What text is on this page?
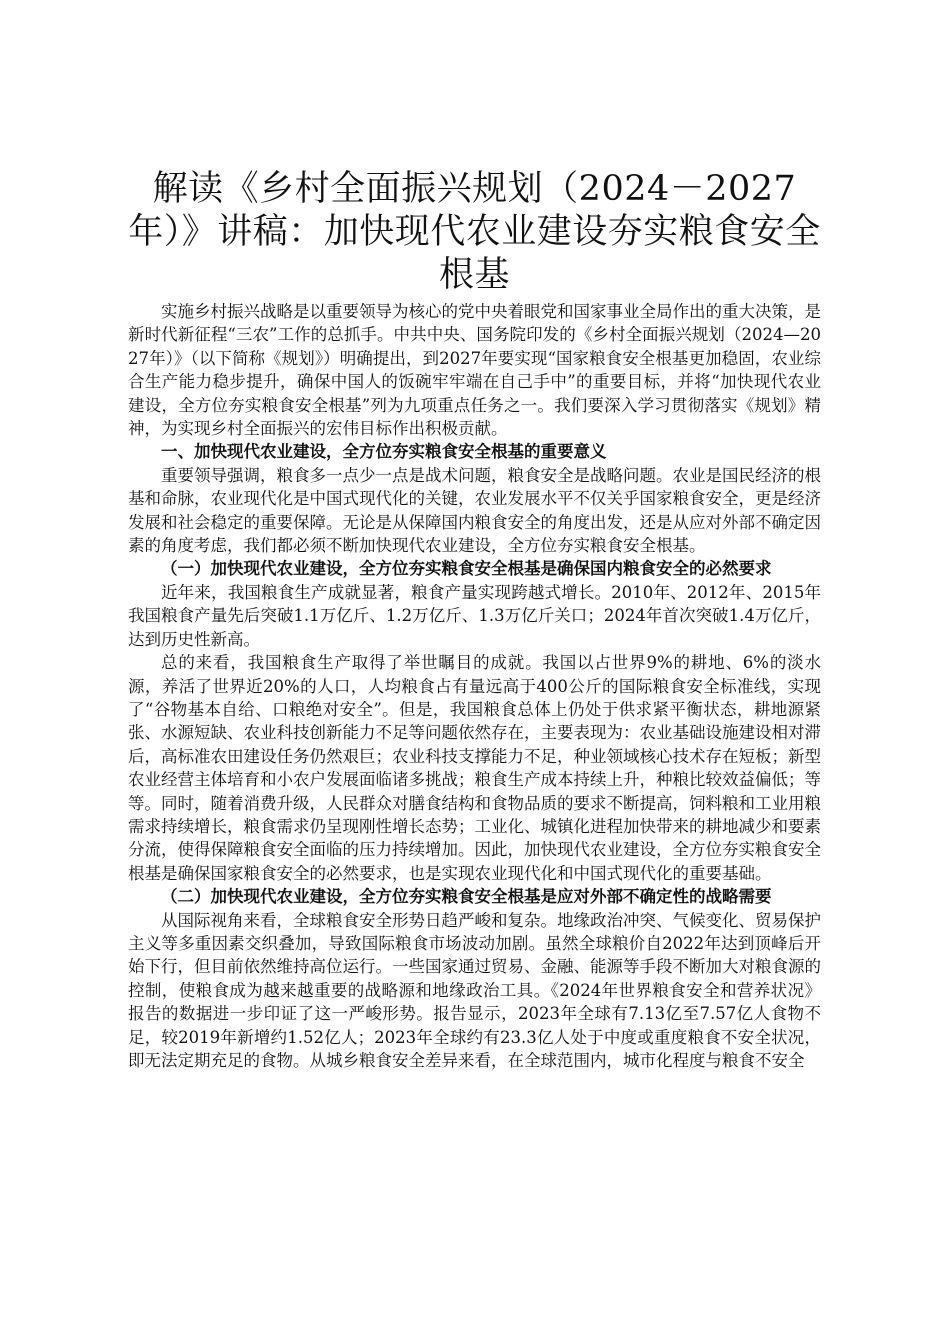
解读《乡村全面振兴规划（2024－2027
年）》讲稿：加快现代农业建设夯实粮食安全
根基

实施乡村振兴战略是以重要领导为核心的党中央着眼党和国家事业全局作出的重大决策，是新时代新征程“三农”工作的总抓手。中共中央、国务院印发的《乡村全面振兴规划（2024—2027年）》（以下简称《规划》）明确提出，到2027年要实现“国家粮食安全根基更加稳固，农业综合生产能力稳步提升，确保中国人的饭碗牢牢端在自己手中”的重要目标，并将“加快现代农业建设，全方位夯实粮食安全根基”列为九项重点任务之一。我们要深入学习贯彻落实《规划》精神，为实现乡村全面振兴的宏伟目标作出积极贡献。

一、加快现代农业建设，全方位夯实粮食安全根基的重要意义

重要领导强调，粮食多一点少一点是战术问题，粮食安全是战略问题。农业是国民经济的根基和命脉，农业现代化是中国式现代化的关键，农业发展水平不仅关乎国家粮食安全，更是经济发展和社会稳定的重要保障。无论是从保障国内粮食安全的角度出发，还是从应对外部不确定因素的角度考虑，我们都必须不断加快现代农业建设，全方位夯实粮食安全根基。

（一）加快现代农业建设，全方位夯实粮食安全根基是确保国内粮食安全的必然要求

近年来，我国粮食生产成就显著，粮食产量实现跨越式增长。2010年、2012年、2015年我国粮食产量先后突破1.1万亿斤、1.2万亿斤、1.3万亿斤关口；2024年首次突破1.4万亿斤，达到历史性新高。

总的来看，我国粮食生产取得了举世瞩目的成就。我国以占世界9%的耕地、6%的淡水源，养活了世界近20%的人口，人均粮食占有量远高于400公斤的国际粮食安全标准线，实现了“谷物基本自给、口粮绝对安全”。但是，我国粮食总体上仍处于供求紧平衡状态，耕地源紧张、水源短缺、农业科技创新能力不足等问题依然存在，主要表现为：农业基础设施建设相对滞后，高标准农田建设任务仍然艰巨；农业科技支撑能力不足，种业领域核心技术存在短板；新型农业经营主体培育和小农户发展面临诸多挑战；粮食生产成本持续上升，种粮比较效益偏低；等等。同时，随着消费升级，人民群众对膳食结构和食物品质的要求不断提高，饲料粮和工业用粮需求持续增长，粮食需求仍呈现刚性增长态势；工业化、城镇化进程加快带来的耕地减少和要素分流，使得保障粮食安全面临的压力持续增加。因此，加快现代农业建设，全方位夯实粮食安全根基是确保国家粮食安全的必然要求，也是实现农业现代化和中国式现代化的重要基础。

（二）加快现代农业建设，全方位夯实粮食安全根基是应对外部不确定性的战略需要

从国际视角来看，全球粮食安全形势日趋严峻和复杂。地缘政治冲突、气候变化、贸易保护主义等多重因素交织叠加，导致国际粮食市场波动加剧。虽然全球粮价自2022年达到顶峰后开始下行，但目前依然维持高位运行。一些国家通过贸易、金融、能源等手段不断加大对粮食源的控制，使粮食成为越来越重要的战略源和地缘政治工具。《2024年世界粮食安全和营养状况》报告的数据进一步印证了这一严峻形势。报告显示，2023年全球有7.13亿至7.57亿人食物不足，较2019年新增约1.52亿人；2023年全球约有23.3亿人处于中度或重度粮食不安全状况，即无法定期充足的食物。从城乡粮食安全差异来看，在全球范围内，城市化程度与粮食不安全
